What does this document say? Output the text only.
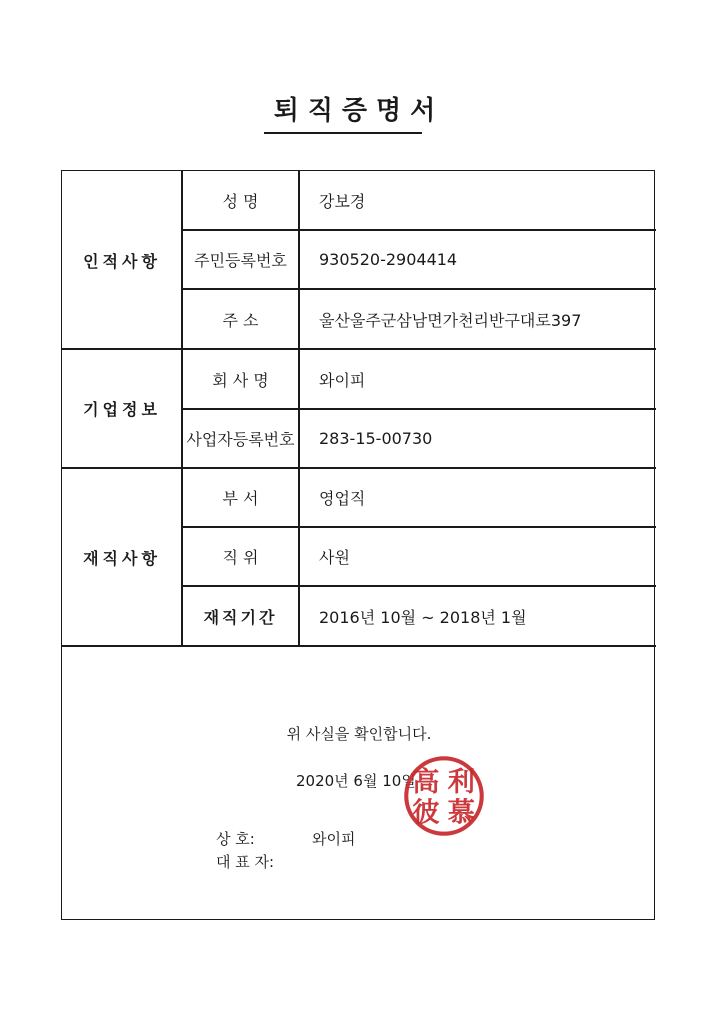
퇴직증명서
인적사항
성 명	강보경
주민등록번호	930520-2904414
주 소	울산울주군삼남면가천리반구대로397
기업정보
회 사 명	와이피
사업자등록번호	283-15-00730
재직사항
부 서	영업직
직 위	사원
재직기간	2016년 10월 ~ 2018년 1월
위 사실을 확인합니다.
2020년 6월 10일
高 利
彼 慕
상 호:	와이피
대 표 자:
